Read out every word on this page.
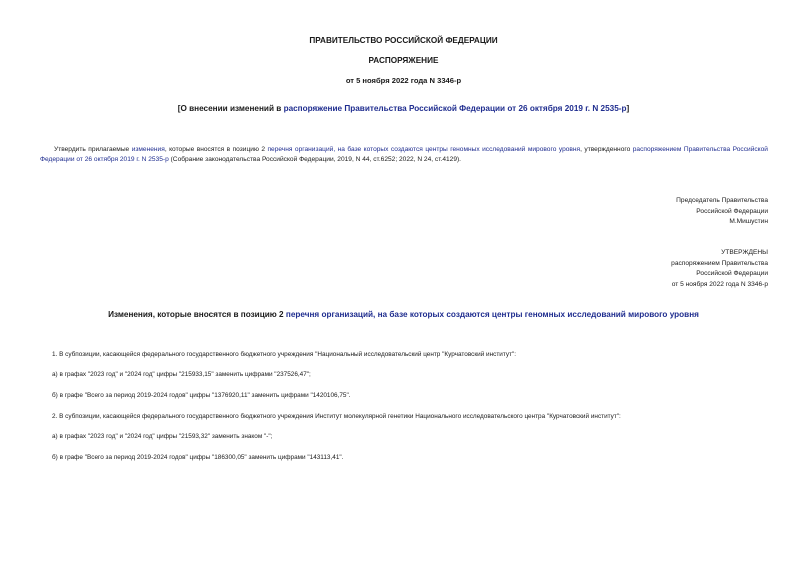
ПРАВИТЕЛЬСТВО РОССИЙСКОЙ ФЕДЕРАЦИИ
РАСПОРЯЖЕНИЕ
от 5 ноября 2022 года N 3346-р
[О внесении изменений в распоряжение Правительства Российской Федерации от 26 октября 2019 г. N 2535-р]
Утвердить прилагаемые изменения, которые вносятся в позицию 2 перечня организаций, на базе которых создаются центры геномных исследований мирового уровня, утвержденного распоряжением Правительства Российской Федерации от 26 октября 2019 г. N 2535-р (Собрание законодательства Российской Федерации, 2019, N 44, ст.6252; 2022, N 24, ст.4129).
Председатель Правительства
Российской Федерации
М.Мишустин
УТВЕРЖДЕНЫ
распоряжением Правительства
Российской Федерации
от 5 ноября 2022 года N 3346-р
Изменения, которые вносятся в позицию 2 перечня организаций, на базе которых создаются центры геномных исследований мирового уровня
1. В субпозиции, касающейся федерального государственного бюджетного учреждения "Национальный исследовательский центр "Курчатовский институт":
а) в графах "2023 год" и "2024 год" цифры "215933,15" заменить цифрами "237526,47";
б) в графе "Всего за период 2019-2024 годов" цифры "1376920,11" заменить цифрами "1420106,75".
2. В субпозиции, касающейся федерального государственного бюджетного учреждения Институт молекулярной генетики Национального исследовательского центра "Курчатовский институт":
а) в графах "2023 год" и "2024 год" цифры "21593,32" заменить знаком "-";
б) в графе "Всего за период 2019-2024 годов" цифры "186300,05" заменить цифрами "143113,41".
